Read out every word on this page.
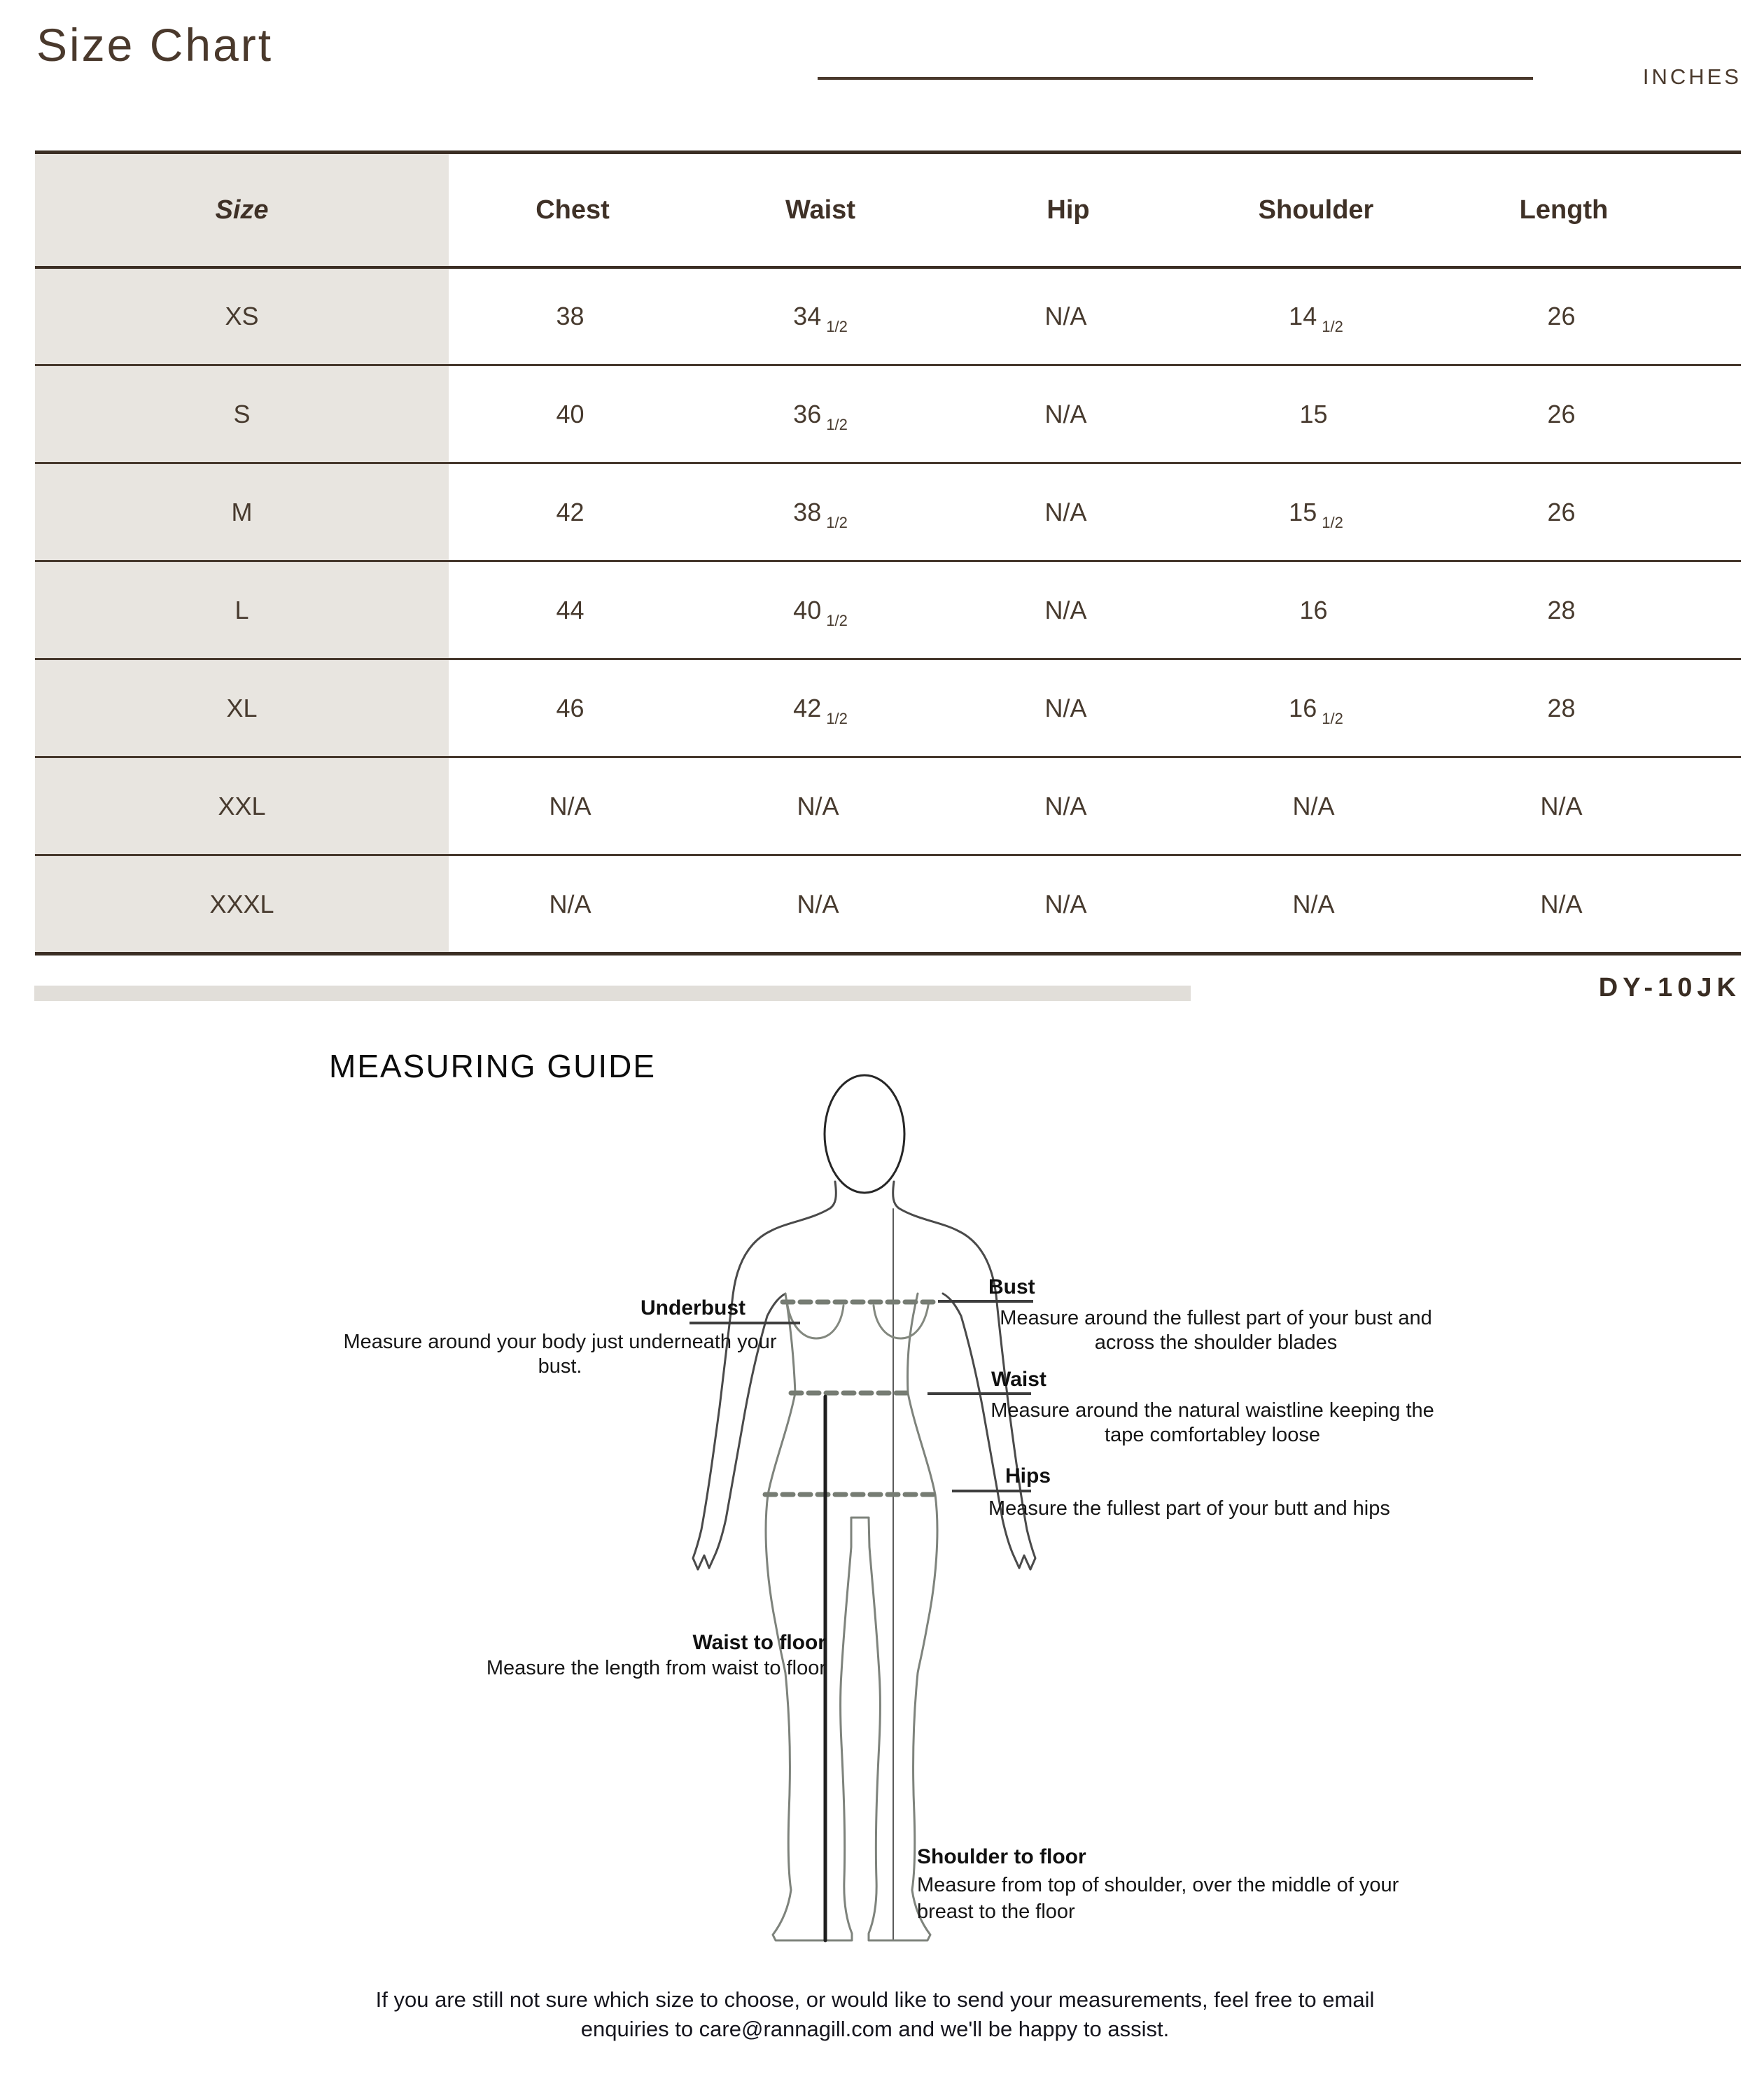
Size Chart
INCHES
Size	Chest	Waist	Hip	Shoulder	Length
XS	38	34 $_{1/2}$	N/A	14 $_{1/2}$	26
S	40	36 $_{1/2}$	N/A	15	26
M	42	38 $_{1/2}$	N/A	15 $_{1/2}$	26
L	44	40 $_{1/2}$	N/A	16	28
XL	46	42 $_{1/2}$	N/A	16 $_{1/2}$	28
XXL	N/A	N/A	N/A	N/A	N/A
XXXL	N/A	N/A	N/A	N/A	N/A
DY-10JK
MEASURING GUIDE
Underbust
Measure around your body just underneath your bust.
Bust
Measure around the fullest part of your bust and across the shoulder blades
Waist
Measure around the natural waistline keeping the tape comfortabley loose
Hips
Measure the fullest part of your butt and hips
Waist to floor
Measure the length from waist to floor
Shoulder to floor
Measure from top of shoulder, over the middle of your breast to the floor
If you are still not sure which size to choose, or would like to send your measurements, feel free to email
enquiries to care@rannagill.com and we'll be happy to assist.
